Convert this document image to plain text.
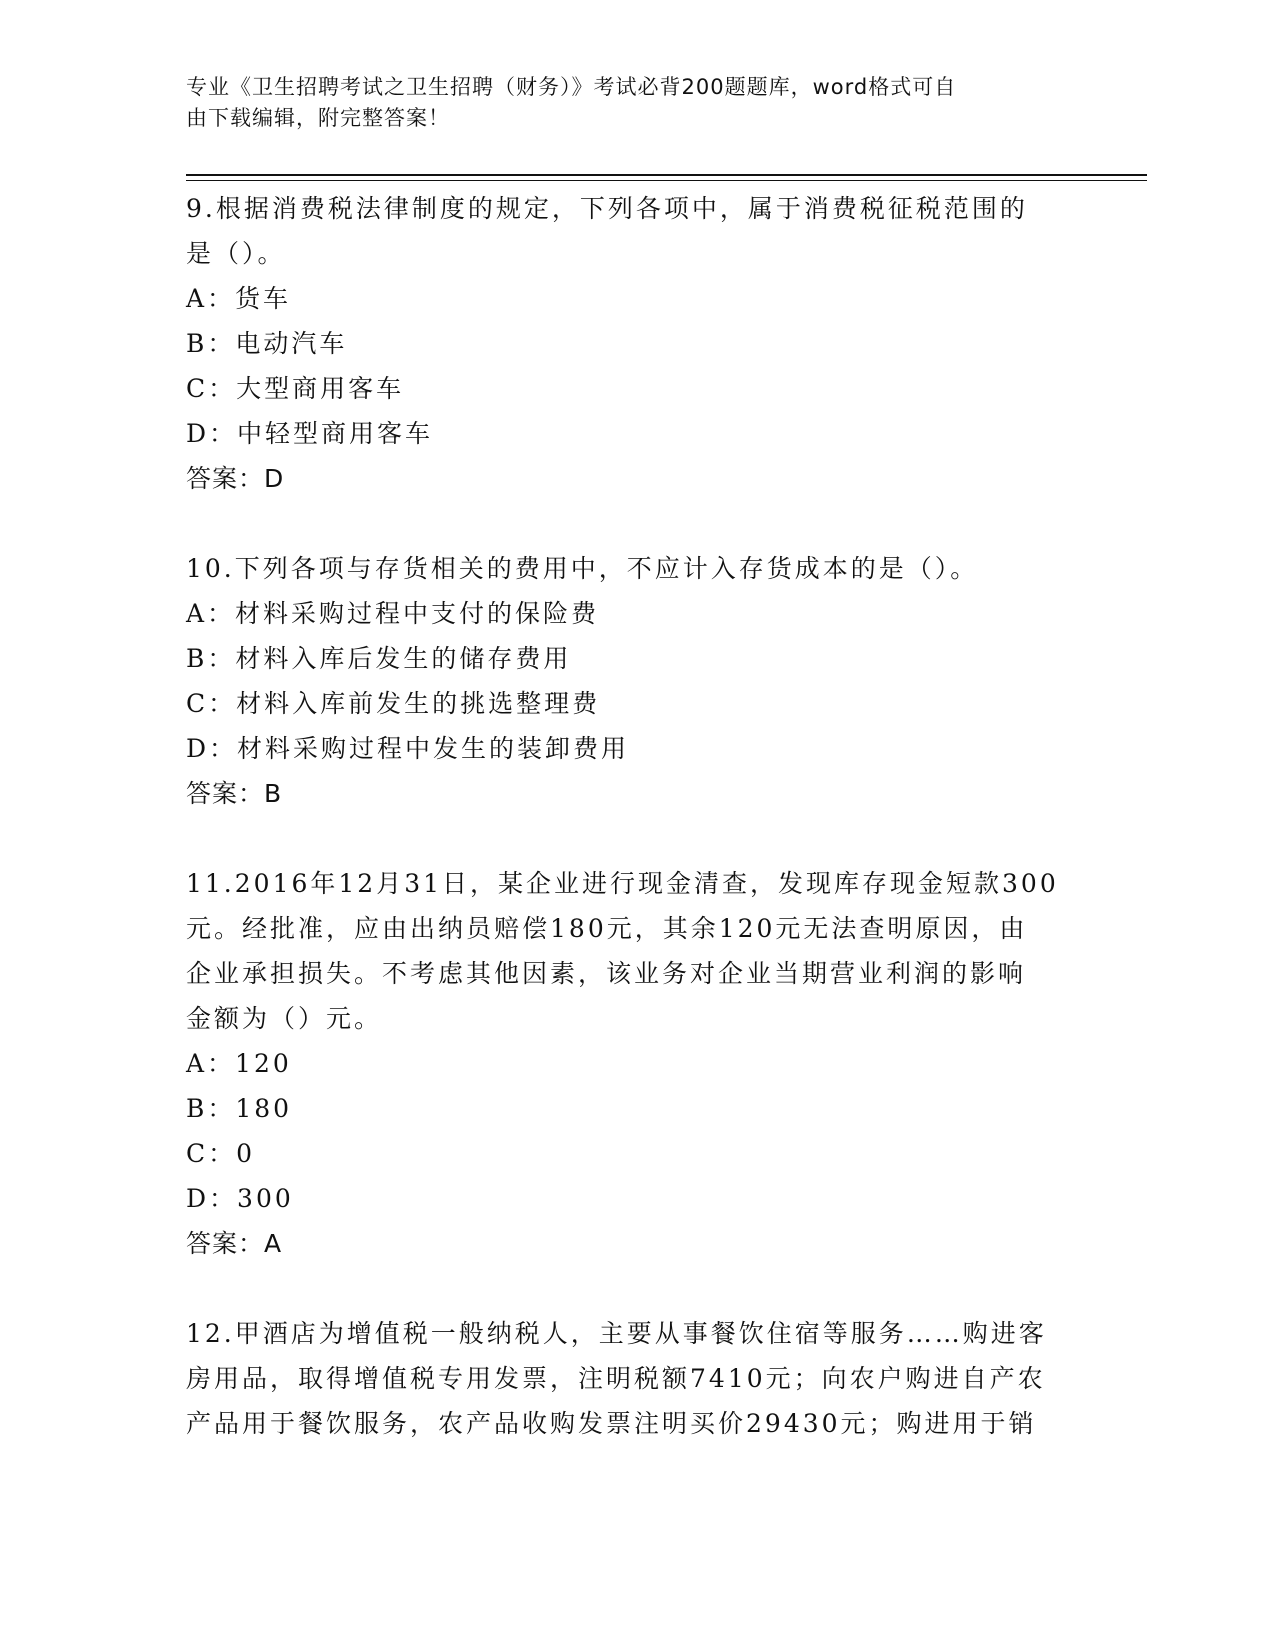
专业《卫生招聘考试之卫生招聘（财务）》考试必背200题题库，word格式可自
由下载编辑，附完整答案！
9.根据消费税法律制度的规定，下列各项中，属于消费税征税范围的
是（）。
A：货车
B：电动汽车
C：大型商用客车
D：中轻型商用客车
答案：D
10.下列各项与存货相关的费用中，不应计入存货成本的是（）。
A：材料采购过程中支付的保险费
B：材料入库后发生的储存费用
C：材料入库前发生的挑选整理费
D：材料采购过程中发生的装卸费用
答案：B
11.2016年12月31日，某企业进行现金清查，发现库存现金短款300
元。经批准，应由出纳员赔偿180元，其余120元无法查明原因，由
企业承担损失。不考虑其他因素，该业务对企业当期营业利润的影响
金额为（）元。
A：120
B：180
C：0
D：300
答案：A
12.甲酒店为增值税一般纳税人，主要从事餐饮住宿等服务……购进客
房用品，取得增值税专用发票，注明税额7410元；向农户购进自产农
产品用于餐饮服务，农产品收购发票注明买价29430元；购进用于销
